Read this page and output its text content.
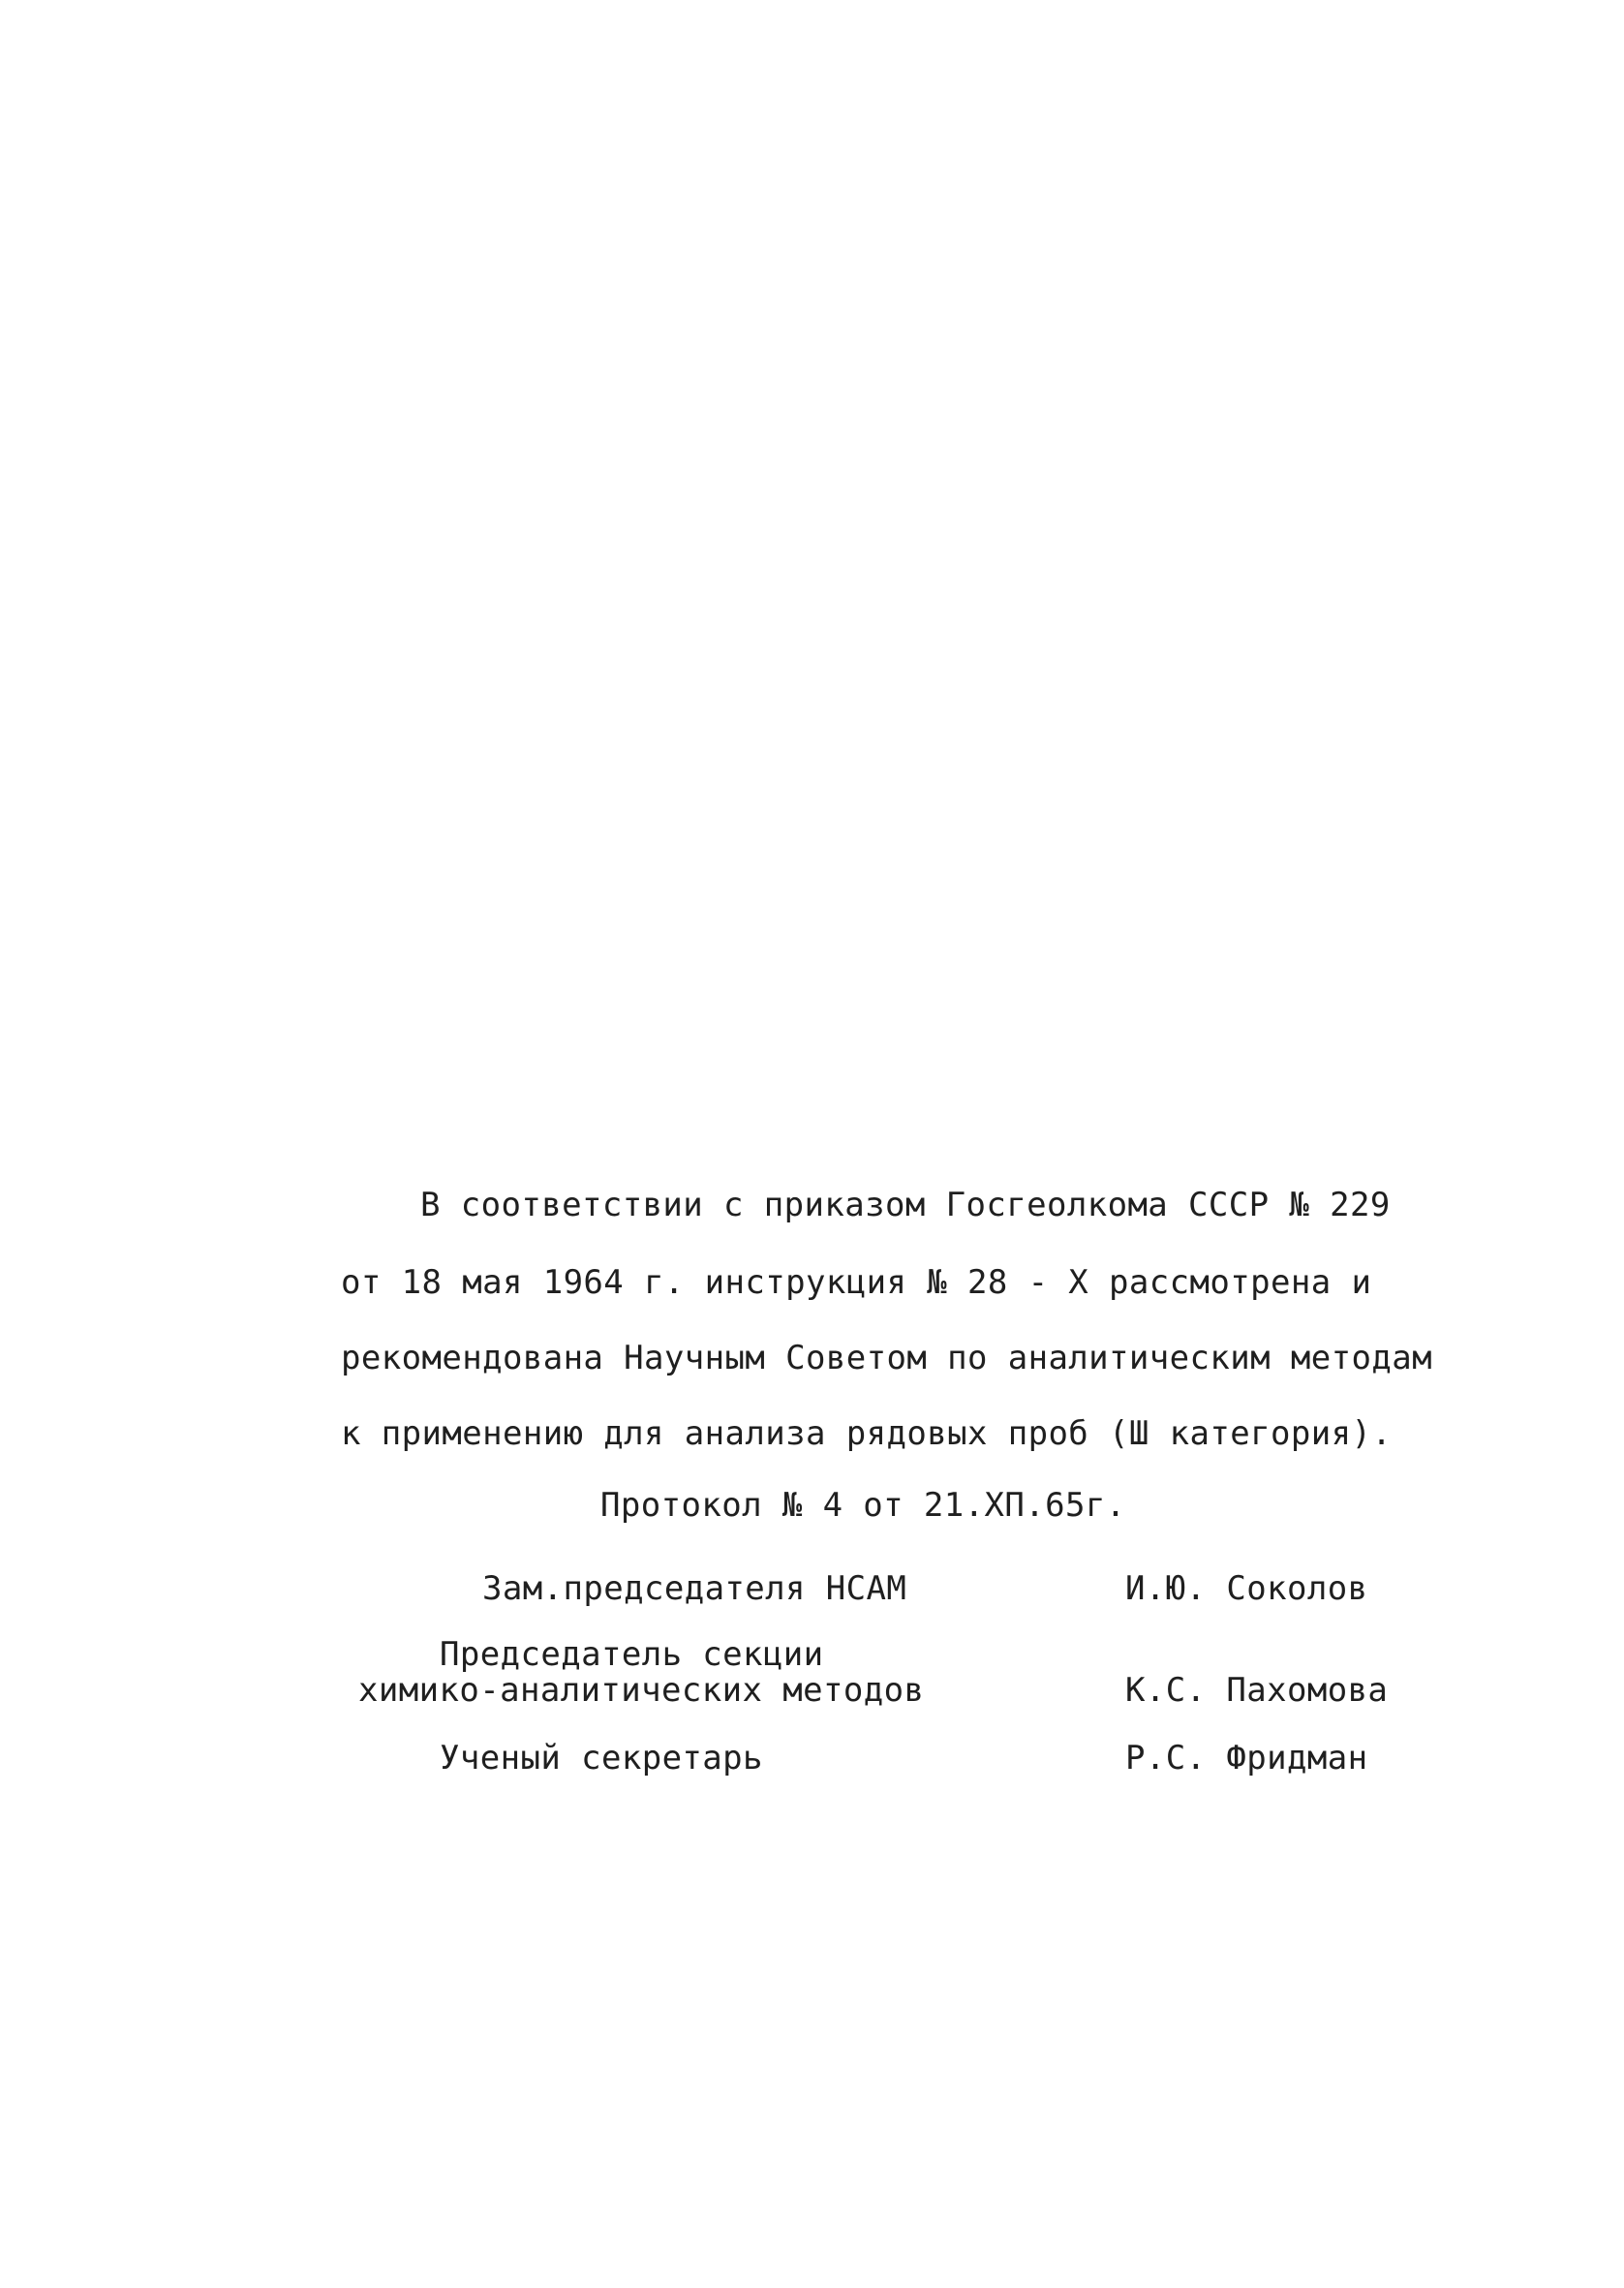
В соответствии с приказом Госгеолкома СССР № 229
от 18 мая 1964 г. инструкция № 28 - Х рассмотрена и
рекомендована Научным Советом по аналитическим методам
к применению для анализа рядовых проб (Ш категория).
Протокол № 4 от 21.XП.65г.
Зам.председателя НСАМ	И.Ю. Соколов
Председатель секции
химико-аналитических методов	К.С. Пахомова
Ученый секретарь	Р.С. Фридман
